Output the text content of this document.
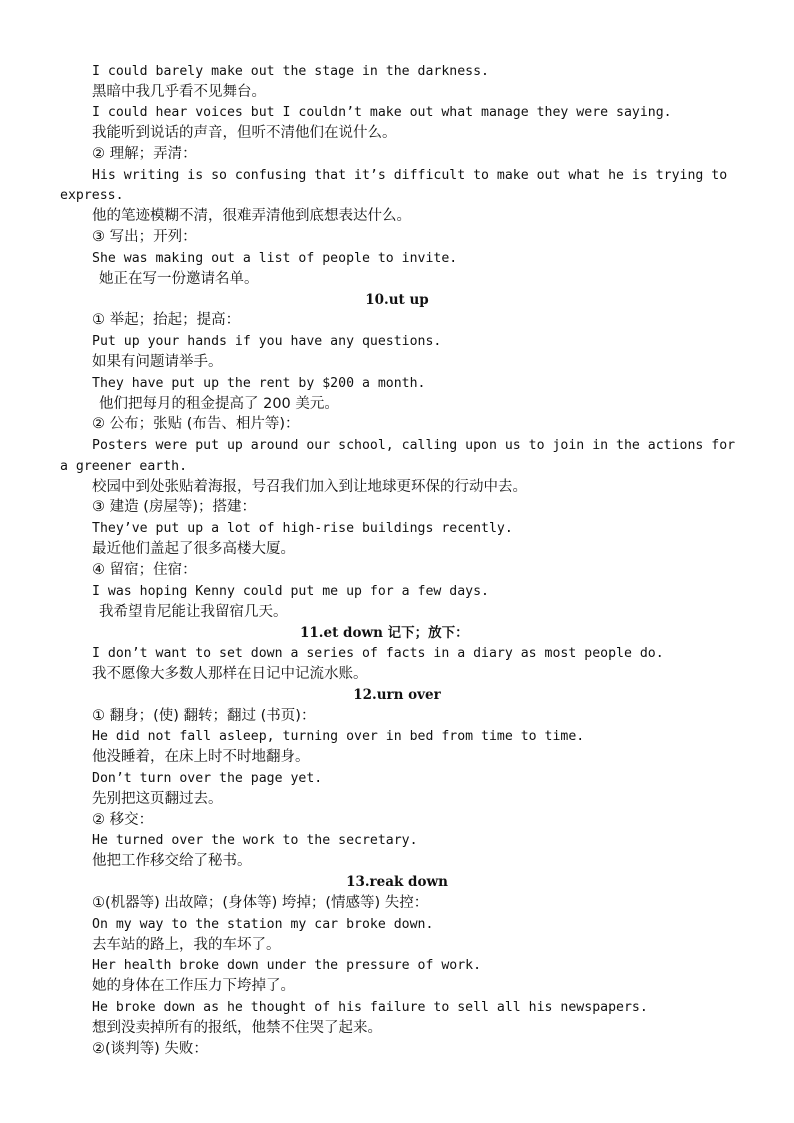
I could barely make out the stage in the darkness.
黑暗中我几乎看不见舞台。
I could hear voices but I couldn’t make out what manage they were saying.
我能听到说话的声音，但听不清他们在说什么。
② 理解；弄清：
His writing is so confusing that it’s difficult to make out what he is trying to
express.
他的笔迹模糊不清，很难弄清他到底想表达什么。
③ 写出；开列：
She was making out a list of people to invite.
她正在写一份邀请名单。
10.ut up
① 举起；抬起；提高：
Put up your hands if you have any questions.
如果有问题请举手。
They have put up the rent by $200 a month.
他们把每月的租金提高了 200 美元。
② 公布；张贴 (布告、相片等)：
Posters were put up around our school, calling upon us to join in the actions for
a greener earth.
校园中到处张贴着海报，号召我们加入到让地球更环保的行动中去。
③ 建造 (房屋等)；搭建：
They’ve put up a lot of high-rise buildings recently.
最近他们盖起了很多高楼大厦。
④ 留宿；住宿：
I was hoping Kenny could put me up for a few days.
我希望肯尼能让我留宿几天。
11.et down 记下；放下：
I don’t want to set down a series of facts in a diary as most people do.
我不愿像大多数人那样在日记中记流水账。
12.urn over
① 翻身；(使) 翻转；翻过 (书页)：
He did not fall asleep, turning over in bed from time to time.
他没睡着，在床上时不时地翻身。
Don’t turn over the page yet.
先别把这页翻过去。
② 移交：
He turned over the work to the secretary.
他把工作移交给了秘书。
13.reak down
①(机器等) 出故障；(身体等) 垮掉；(情感等) 失控：
On my way to the station my car broke down.
去车站的路上，我的车坏了。
Her health broke down under the pressure of work.
她的身体在工作压力下垮掉了。
He broke down as he thought of his failure to sell all his newspapers.
想到没卖掉所有的报纸，他禁不住哭了起来。
②(谈判等) 失败：
